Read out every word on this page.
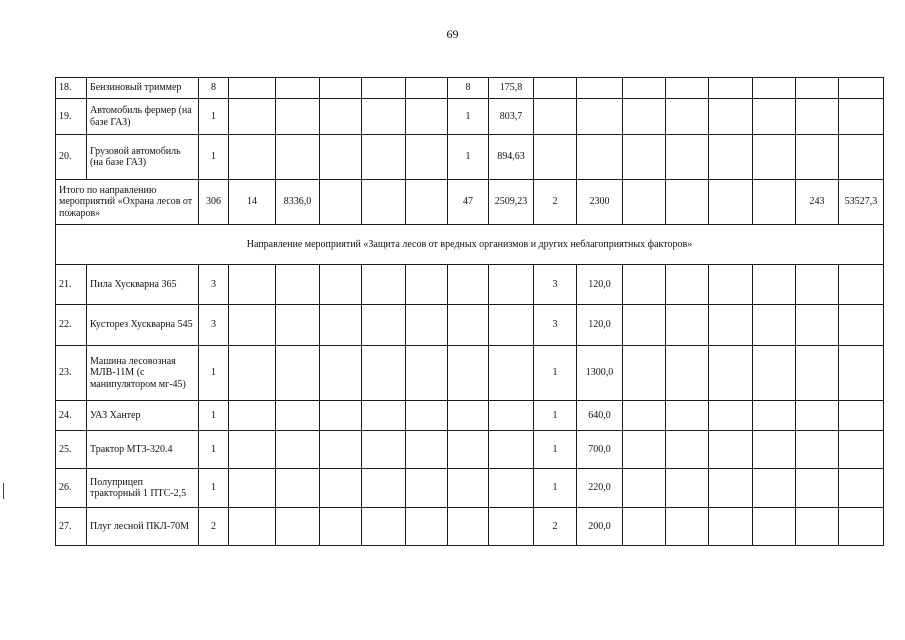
69
18.	Бензиновый триммер	8						8	175,8								
19.	Автомобиль фермер (на базе ГАЗ)	1						1	803,7								
20.	Грузовой автомобиль (на базе ГАЗ)	1						1	894,63								
Итого по направлению мероприятий «Охрана лесов от пожаров»		306	14	8336,0				47	2509,23	2	2300					243	53527,3
Направление мероприятий «Защита лесов от вредных организмов и других неблагоприятных факторов»																	
21.	Пила Хускварна 365	3								3	120,0						
22.	Кусторез Хускварна 545	3								3	120,0						
23.	Машина лесовозная МЛВ-11М (с манипулятором мг-45)	1								1	1300,0						
24.	УАЗ Хантер	1								1	640,0						
25.	Трактор МТЗ-320.4	1								1	700,0						
26.	Полуприцеп тракторный 1 ПТС-2,5	1								1	220,0						
27.	Плуг лесной ПКЛ-70М	2								2	200,0						
